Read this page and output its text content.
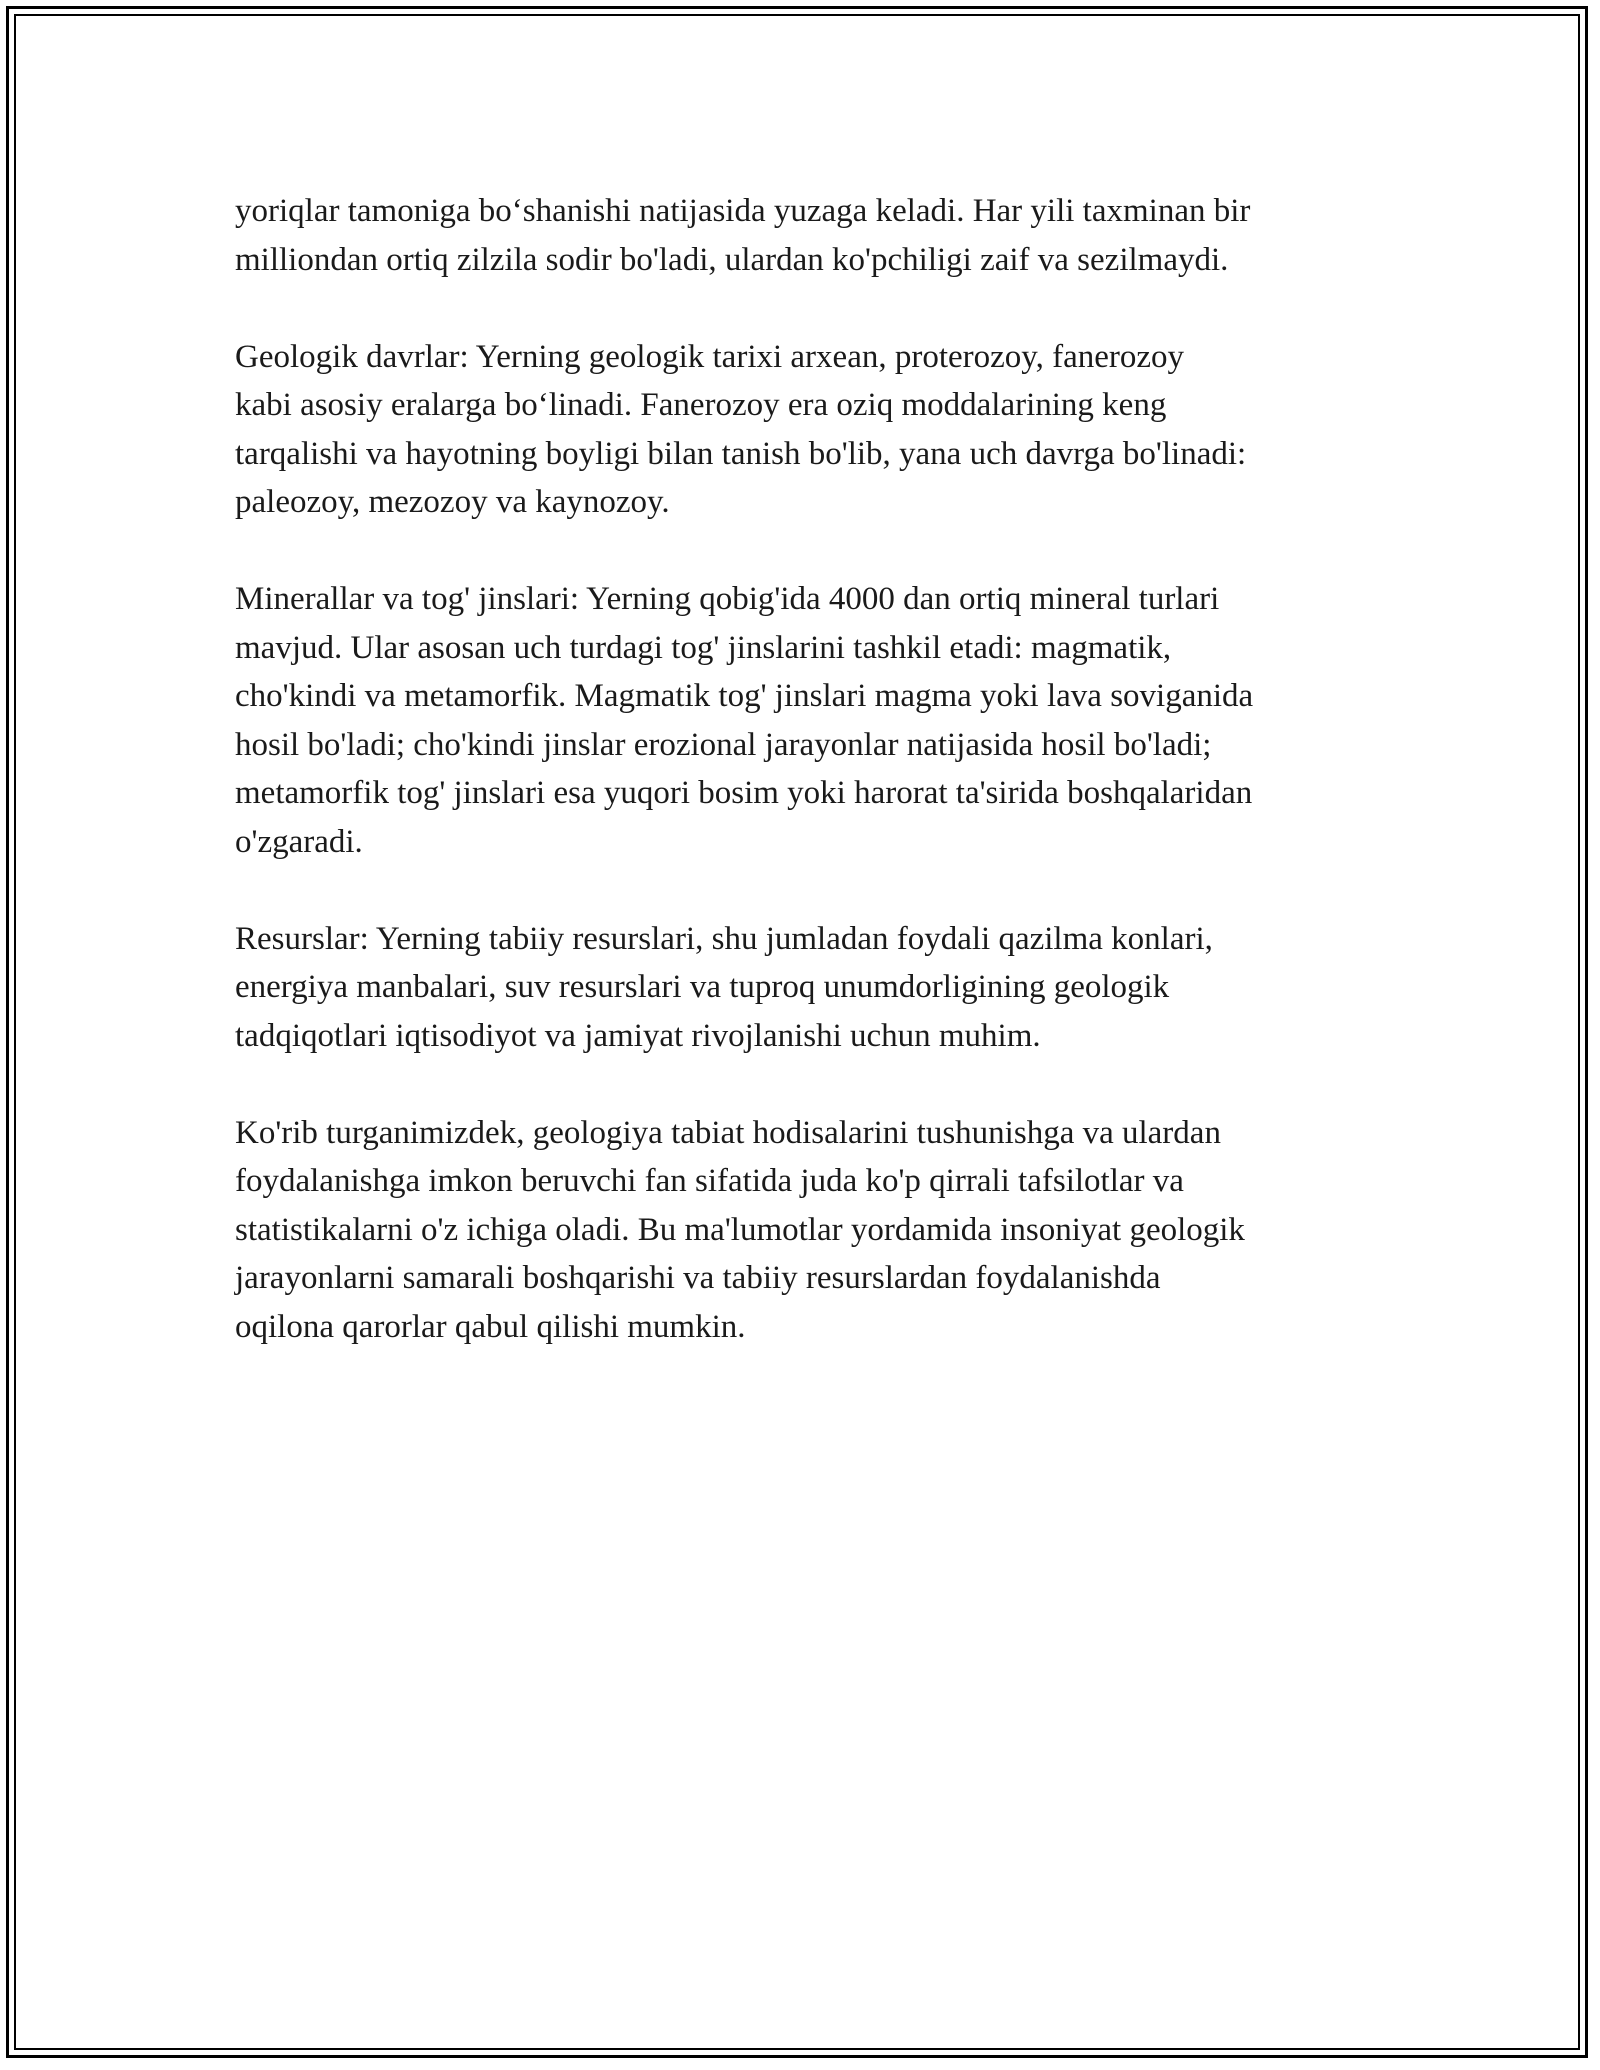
yoriqlar tamoniga bo‘shanishi natijasida yuzaga keladi. Har yili taxminan bir
milliondan ortiq zilzila sodir bo'ladi, ulardan ko'pchiligi zaif va sezilmaydi.

Geologik davrlar: Yerning geologik tarixi arxean, proterozoy, fanerozoy
kabi asosiy eralarga bo‘linadi. Fanerozoy era oziq moddalarining keng
tarqalishi va hayotning boyligi bilan tanish bo'lib, yana uch davrga bo'linadi:
paleozoy, mezozoy va kaynozoy.

Minerallar va tog' jinslari: Yerning qobig'ida 4000 dan ortiq mineral turlari
mavjud. Ular asosan uch turdagi tog' jinslarini tashkil etadi: magmatik,
cho'kindi va metamorfik. Magmatik tog' jinslari magma yoki lava soviganida
hosil bo'ladi; cho'kindi jinslar erozional jarayonlar natijasida hosil bo'ladi;
metamorfik tog' jinslari esa yuqori bosim yoki harorat ta'sirida boshqalaridan
o'zgaradi.

Resurslar: Yerning tabiiy resurslari, shu jumladan foydali qazilma konlari,
energiya manbalari, suv resurslari va tuproq unumdorligining geologik
tadqiqotlari iqtisodiyot va jamiyat rivojlanishi uchun muhim.

Ko'rib turganimizdek, geologiya tabiat hodisalarini tushunishga va ulardan
foydalanishga imkon beruvchi fan sifatida juda ko'p qirrali tafsilotlar va
statistikalarni o'z ichiga oladi. Bu ma'lumotlar yordamida insoniyat geologik
jarayonlarni samarali boshqarishi va tabiiy resurslardan foydalanishda
oqilona qarorlar qabul qilishi mumkin.
